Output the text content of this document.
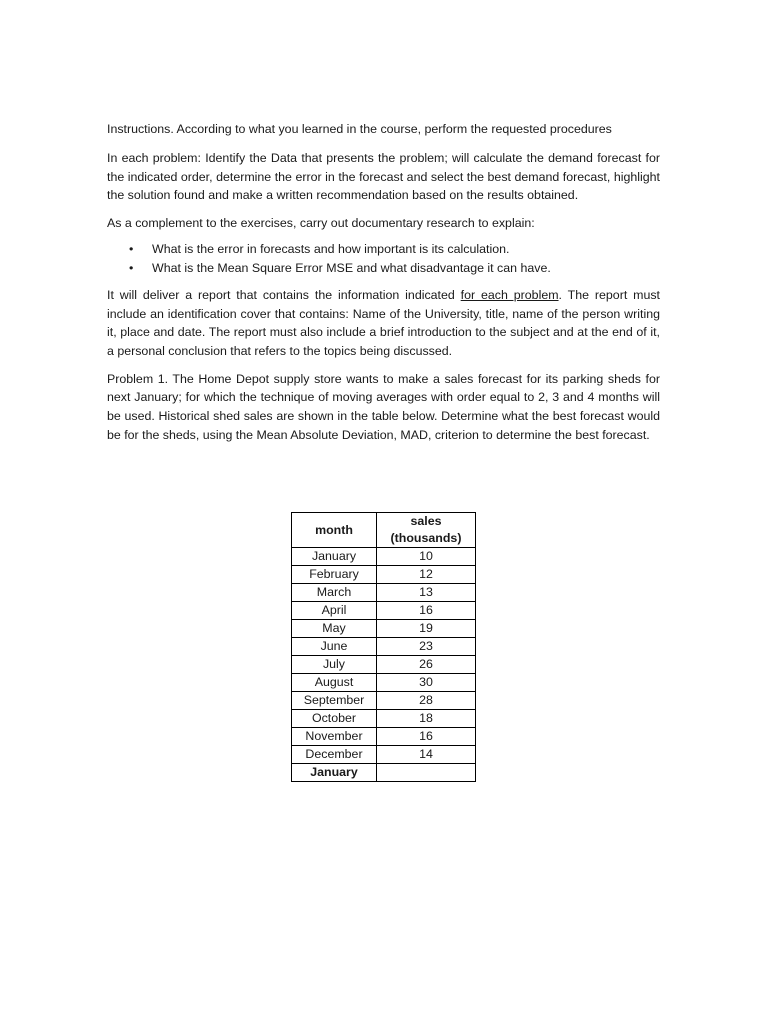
Instructions. According to what you learned in the course, perform the requested procedures

In each problem: Identify the Data that presents the problem; will calculate the demand forecast for the indicated order, determine the error in the forecast and select the best demand forecast, highlight the solution found and make a written recommendation based on the results obtained.

As a complement to the exercises, carry out documentary research to explain:

• What is the error in forecasts and how important is its calculation.
• What is the Mean Square Error MSE and what disadvantage it can have.

It will deliver a report that contains the information indicated for each problem. The report must include an identification cover that contains: Name of the University, title, name of the person writing it, place and date. The report must also include a brief introduction to the subject and at the end of it, a personal conclusion that refers to the topics being discussed.

Problem 1. The Home Depot supply store wants to make a sales forecast for its parking sheds for next January; for which the technique of moving averages with order equal to 2, 3 and 4 months will be used. Historical shed sales are shown in the table below. Determine what the best forecast would be for the sheds, using the Mean Absolute Deviation, MAD, criterion to determine the best forecast.

month	sales (thousands)
January	10
February	12
March	13
April	16
May	19
June	23
July	26
August	30
September	28
October	18
November	16
December	14
January	
